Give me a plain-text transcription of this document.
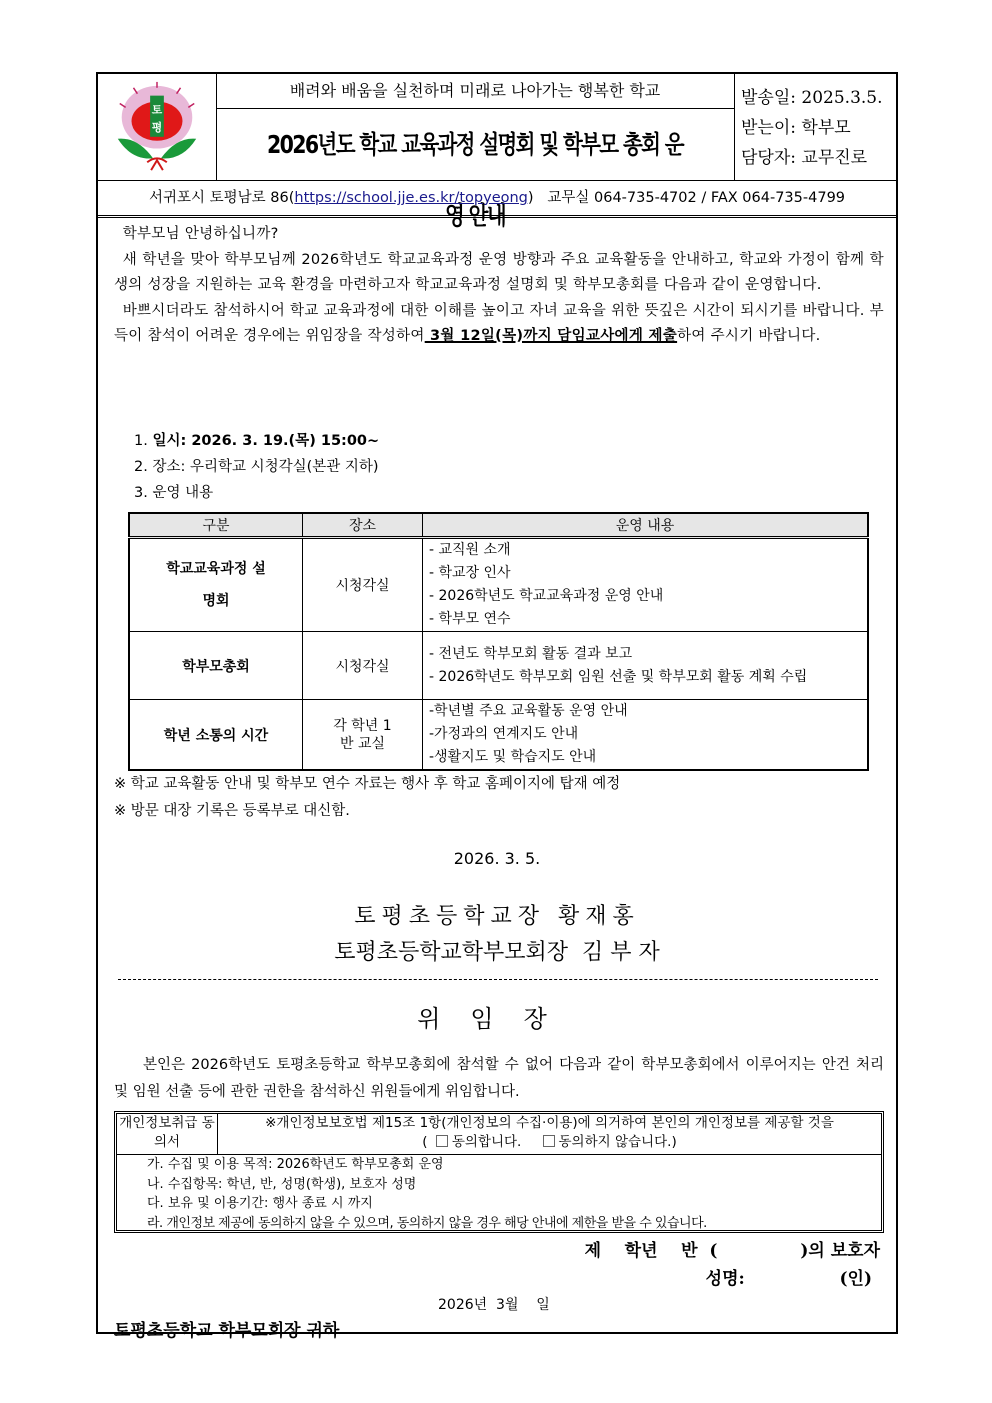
토
평
배려와 배움을 실천하며 미래로 나아가는 행복한 학교
2026년도 학교 교육과정 설명회 및 학부모 총회 운영 안내
발송일: 2025.3.5.
받는이: 학부모
담당자: 교무진로
서귀포시 토평남로 86(https://school.jje.es.kr/topyeong)   교무실 064-735-4702 / FAX 064-735-4799

학부모님 안녕하십니까?

새 학년을 맞아 학부모님께 2026학년도 학교교육과정 운영 방향과 주요 교육활동을 안내하고, 학교와 가정이 함께 학생의 성장을 지원하는 교육 환경을 마련하고자 학교교육과정 설명회 및 학부모총회를 다음과 같이 운영합니다.

바쁘시더라도 참석하시어 학교 교육과정에 대한 이해를 높이고 자녀 교육을 위한 뜻깊은 시간이 되시기를 바랍니다. 부득이 참석이 어려운 경우에는 위임장을 작성하여 3월 12일(목)까지 담임교사에게 제출하여 주시기 바랍니다.

1. 일시: 2026. 3. 19.(목) 15:00~
2. 장소: 우리학교 시청각실(본관 지하)
3. 운영 내용
구분	장소	운영 내용
학교교육과정 설명회	시청각실	- 교직원 소개
- 학교장 인사
- 2026학년도 학교교육과정 운영 안내
- 학부모 연수

학부모총회	시청각실	- 전년도 학부모회 활동 결과 보고
- 2026학년도 학부모회 임원 선출 및 학부모회 활동 계획 수립

학년 소통의 시간	각 학년 1반 교실	-학년별 주요 교육활동 운영 안내
-가정과의 연계지도 안내
-생활지도 및 학습지도 안내
※ 학교 교육활동 안내 및 학부모 연수 자료는 행사 후 학교 홈페이지에 탑재 예정
※ 방문 대장 기록은 등록부로 대신함.
2026. 3. 5.
토평초등학교장 황재홍
토평초등학교학부모회장  김 부 자
위임장
본인은 2026학년도 토평초등학교 학부모총회에 참석할 수 없어 다음과 같이 학부모총회에서 이루어지는 안건 처리 및 임원 선출 등에 관한 권한을 참석하신 위원들에게 위임합니다.
개인정보취급 동의서
※개인정보보호법 제15조 1항(개인정보의 수집·이용)에 의거하여 본인의 개인정보를 제공할 것을
( 동의합니다.	동의하지 않습니다.)
가. 수집 및 이용 목적: 2026학년도 학부모총회 운영
나. 수집항목: 학년, 반, 성명(학생), 보호자 성명
다. 보유 및 이용기간: 행사 종료 시 까지
라. 개인정보 제공에 동의하지 않을 수 있으며, 동의하지 않을 경우 해당 안내에 제한을 받을 수 있습니다.
제    학년    반  (              )의 보호자
성명:                (인)
2026년  3월    일
토평초등학교 학부모회장 귀하
